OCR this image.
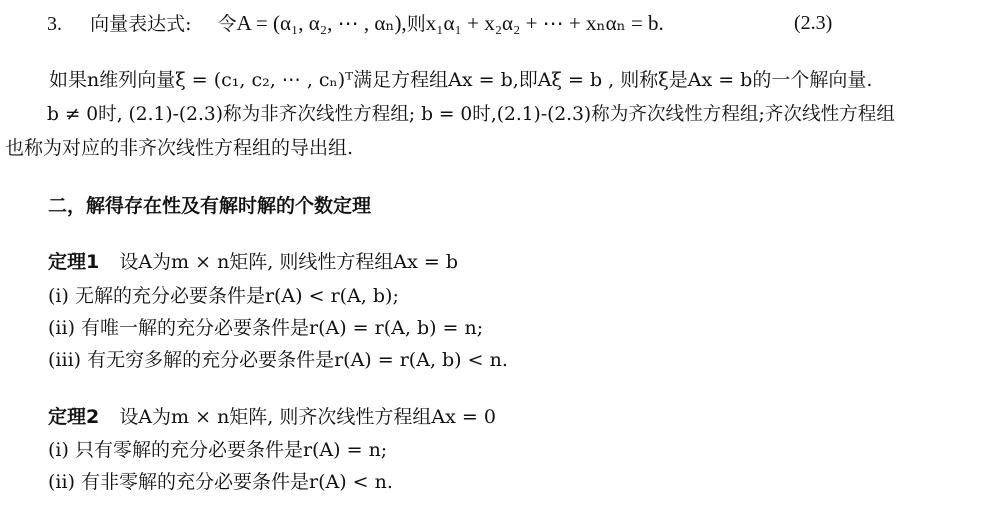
3. 向量表达式: 令A = (α₁, α₂, ⋯ , αₙ),则x₁α₁ + x₂α₂ + ⋯ + xₙαₙ = b.	(2.3)
如果n维列向量ξ = (c₁, c₂, ⋯ , cₙ)ᵀ满足方程组Ax = b,即Aξ = b , 则称ξ是Ax = b的一个解向量.
b ≠ 0时, (2.1)-(2.3)称为非齐次线性方程组; b = 0时,(2.1)-(2.3)称为齐次线性方程组;齐次线性方程组
也称为对应的非齐次线性方程组的导出组.
二，解得存在性及有解时解的个数定理
定理1 设A为m × n矩阵, 则线性方程组Ax = b
(i) 无解的充分必要条件是r(A) < r(A, b);
(ii) 有唯一解的充分必要条件是r(A) = r(A, b) = n;
(iii) 有无穷多解的充分必要条件是r(A) = r(A, b) < n.
定理2 设A为m × n矩阵, 则齐次线性方程组Ax = 0
(i) 只有零解的充分必要条件是r(A) = n;
(ii) 有非零解的充分必要条件是r(A) < n.
